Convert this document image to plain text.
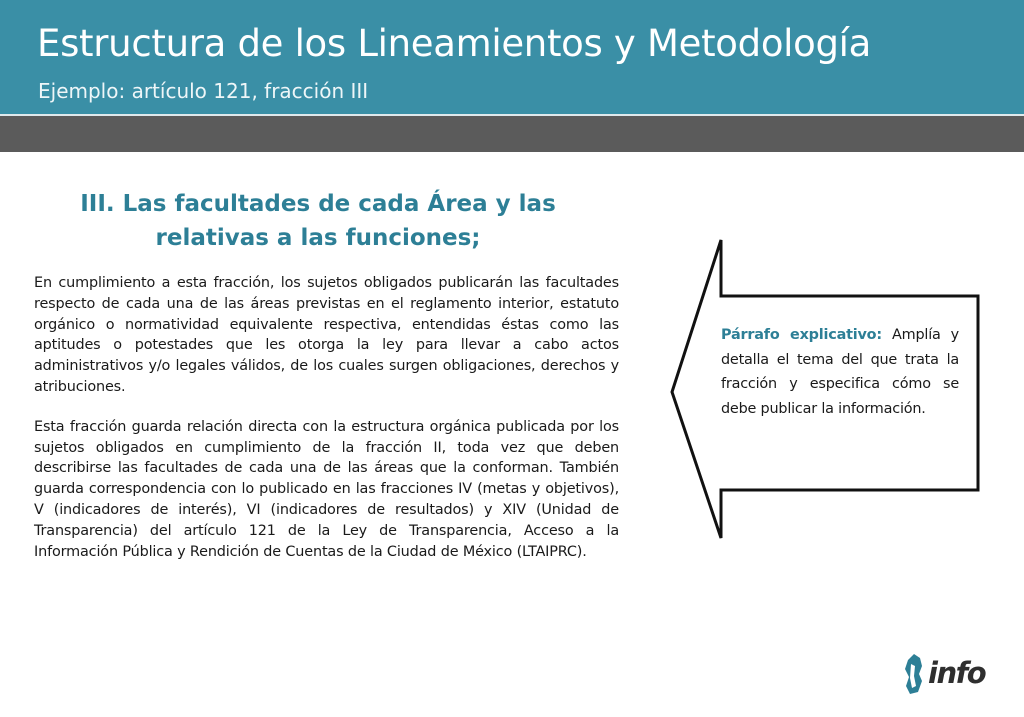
Estructura de los Lineamientos y Metodología
Ejemplo: artículo 121, fracción III
III. Las facultades de cada Área y las
relativas a las funciones;

En cumplimiento a esta fracción, los sujetos obligados publicarán las facultades respecto de cada una de las áreas previstas en el reglamento interior, estatuto orgánico o normatividad equivalente respectiva, entendidas éstas como las aptitudes o potestades que les otorga la ley para llevar a cabo actos administrativos y/o legales válidos, de los cuales surgen obligaciones, derechos y atribuciones.

Esta fracción guarda relación directa con la estructura orgánica publicada por los sujetos obligados en cumplimiento de la fracción II, toda vez que deben describirse las facultades de cada una de las áreas que la conforman. También guarda correspondencia con lo publicado en las fracciones IV (metas y objetivos), V (indicadores de interés), VI (indicadores de resultados) y XIV (Unidad de Transparencia) del artículo 121 de la Ley de Transparencia, Acceso a la Información Pública y Rendición de Cuentas de la Ciudad de México (LTAIPRC).

Párrafo explicativo: Amplía y detalla el tema del que trata la fracción y especifica cómo se debe publicar la información.
info
